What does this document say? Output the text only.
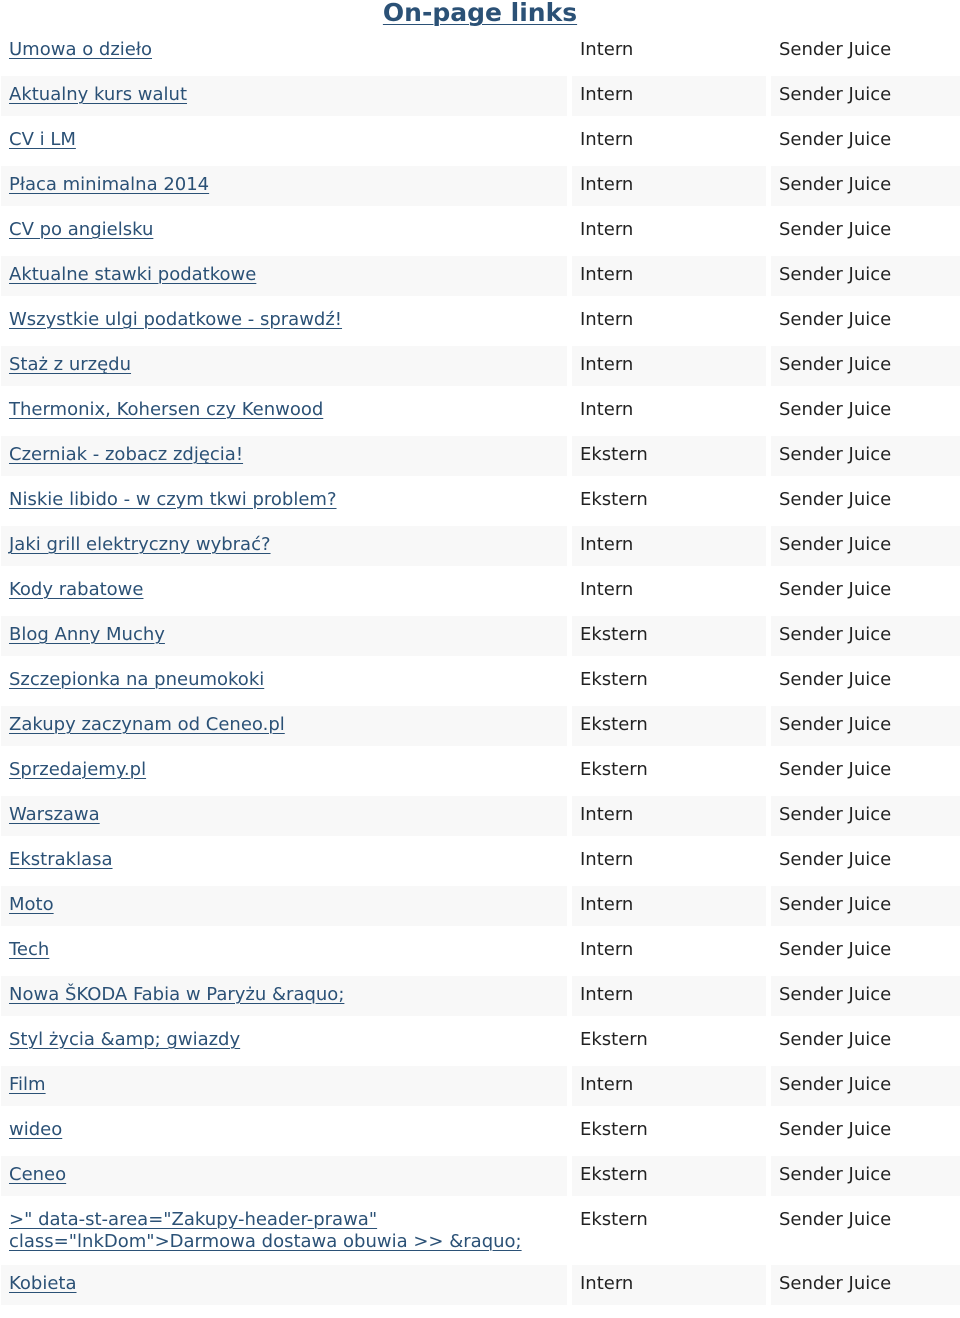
On-page links
Umowa o dzieło	Intern	Sender Juice
Aktualny kurs walut	Intern	Sender Juice
CV i LM	Intern	Sender Juice
Płaca minimalna 2014	Intern	Sender Juice
CV po angielsku	Intern	Sender Juice
Aktualne stawki podatkowe	Intern	Sender Juice
Wszystkie ulgi podatkowe - sprawdź!	Intern	Sender Juice
Staż z urzędu	Intern	Sender Juice
Thermonix, Kohersen czy Kenwood	Intern	Sender Juice
Czerniak - zobacz zdjęcia!	Ekstern	Sender Juice
Niskie libido - w czym tkwi problem?	Ekstern	Sender Juice
Jaki grill elektryczny wybrać?	Intern	Sender Juice
Kody rabatowe	Intern	Sender Juice
Blog Anny Muchy	Ekstern	Sender Juice
Szczepionka na pneumokoki	Ekstern	Sender Juice
Zakupy zaczynam od Ceneo.pl	Ekstern	Sender Juice
Sprzedajemy.pl	Ekstern	Sender Juice
Warszawa	Intern	Sender Juice
Ekstraklasa	Intern	Sender Juice
Moto	Intern	Sender Juice
Tech	Intern	Sender Juice
Nowa ŠKODA Fabia w Paryżu &raquo;	Intern	Sender Juice
Styl życia &amp; gwiazdy	Ekstern	Sender Juice
Film	Intern	Sender Juice
wideo	Ekstern	Sender Juice
Ceneo	Ekstern	Sender Juice
>" data-st-area="Zakupy-header-prawa" class="lnkDom">Darmowa dostawa obuwia >> &raquo;	Ekstern	Sender Juice
Kobieta	Intern	Sender Juice
